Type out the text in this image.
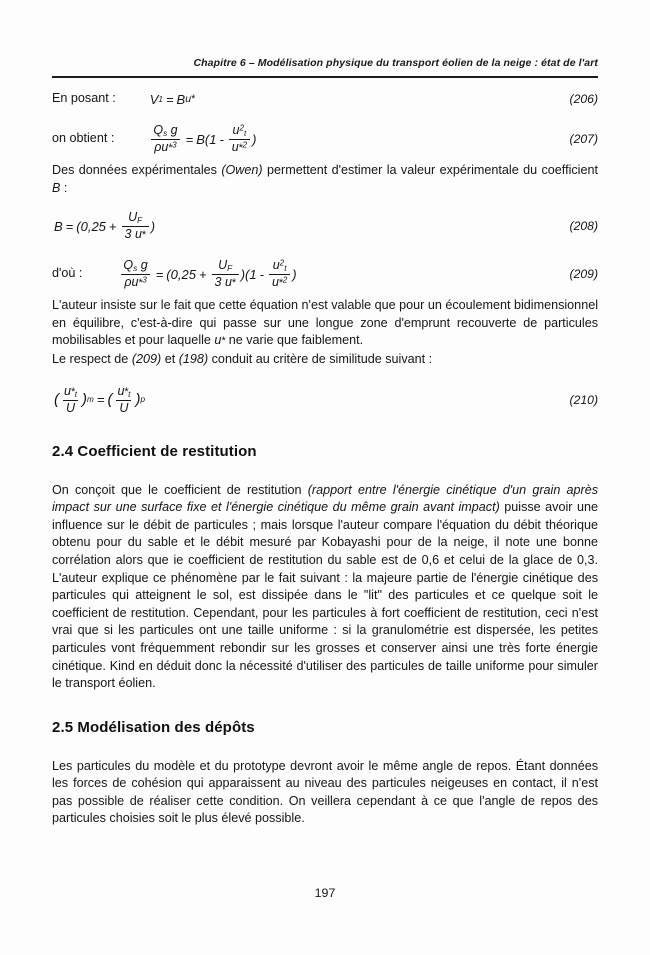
Chapitre 6 – Modélisation physique du transport éolien de la neige : état de l'art
En posant :	V 1 = B u *	(206)
on obtient :	$\frac{Q_s g}{\rho u*^3} = B$ ( $1 - \frac{u^2_t}{u*^2}$ )	(207)

Des données expérimentales (Owen) permettent d'estimer la valeur expérimentale du coefficient B :

B = ( $0,25 + \frac{U_F}{3 u*}$ )	(208)
d'où :	$\frac{Q_s g}{\rho u*^3}$ = ( $0,25 + \frac{U_F}{3 u*}$ ) ( $1 - \frac{u^2_t}{u*^2}$ )	(209)

L'auteur insiste sur le fait que cette équation n'est valable que pour un écoulement bidimensionnel en équilibre, c'est-à-dire qui passe sur une longue zone d'emprunt recouverte de particules mobilisables et pour laquelle u* ne varie que faiblement.

Le respect de (209) et (198) conduit au critère de similitude suivant :

( $\frac{u*_t}{U}$ ) m = ( $\frac{u*_t}{U}$ ) p	(210)
2.4 Coefficient de restitution

On conçoit que le coefficient de restitution (rapport entre l'énergie cinétique d'un grain après impact sur une surface fixe et l'énergie cinétique du même grain avant impact) puisse avoir une influence sur le débit de particules ; mais lorsque l'auteur compare l'équation du débit théorique obtenu pour du sable et le débit mesuré par Kobayashi pour de la neige, il note une bonne corrélation alors que ie coefficient de restitution du sable est de 0,6 et celui de la glace de 0,3. L'auteur explique ce phénomène par le fait suivant : la majeure partie de l'énergie cinétique des particules qui atteignent le sol, est dissipée dans le "lit" des particules et ce quelque soit le coefficient de restitution. Cependant, pour les particules à fort coefficient de restitution, ceci n'est vrai que si les particules ont une taille uniforme : si la granulométrie est dispersée, les petites particules vont fréquemment rebondir sur les grosses et conserver ainsi une très forte énergie cinétique. Kind en déduit donc la nécessité d'utiliser des particules de taille uniforme pour simuler le transport éolien.

2.5 Modélisation des dépôts

Les particules du modèle et du prototype devront avoir le même angle de repos. Étant données les forces de cohésion qui apparaissent au niveau des particules neigeuses en contact, il n'est pas possible de réaliser cette condition. On veillera cependant à ce que l'angle de repos des particules choisies soit le plus élevé possible.

197
